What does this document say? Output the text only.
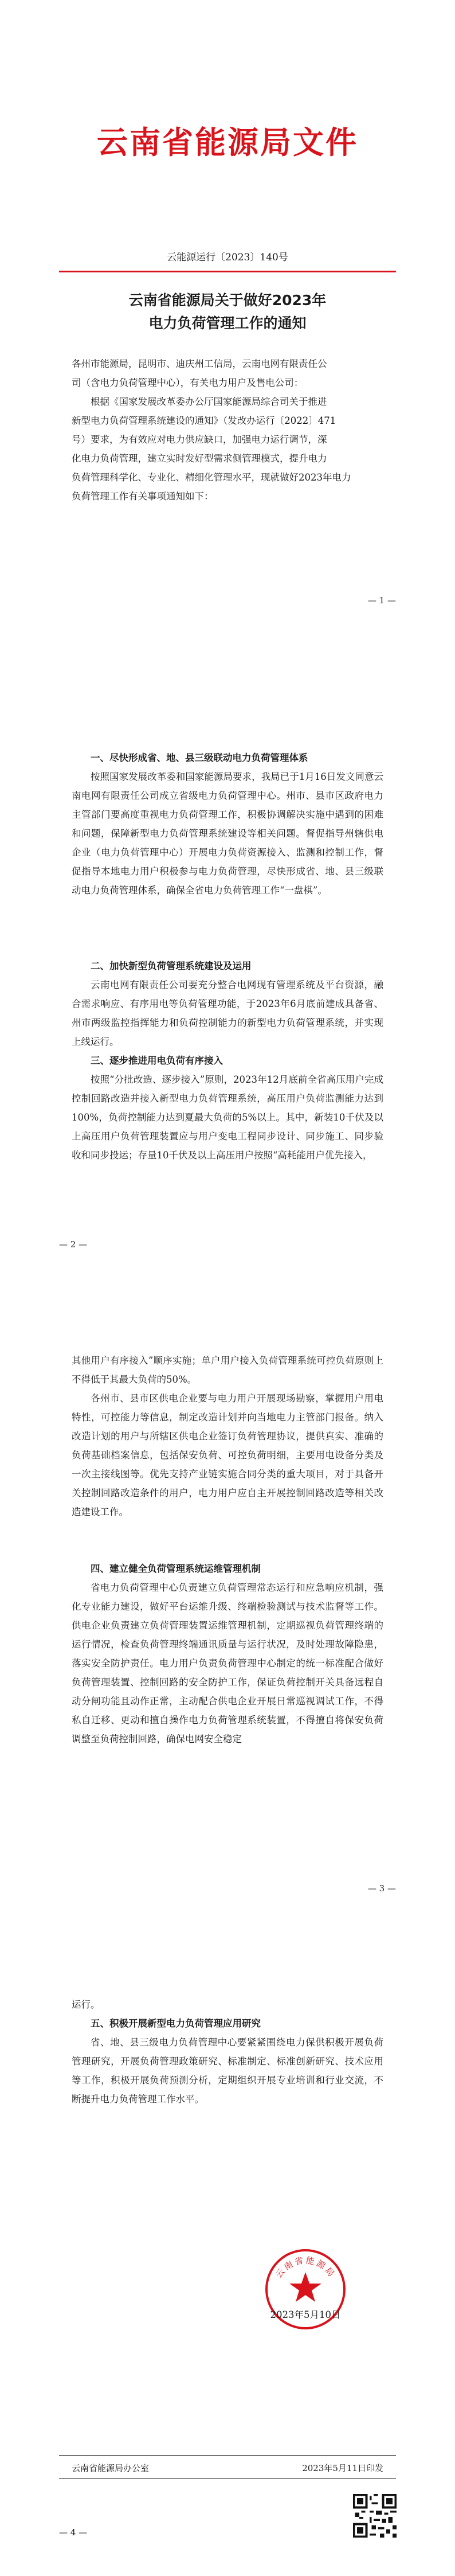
云南省能源局文件
云能源运行〔2023〕140号
云南省能源局关于做好2023年
电力负荷管理工作的通知

各州市能源局，昆明市、迪庆州工信局，云南电网有限责任公

司（含电力负荷管理中心），有关电力用户及售电公司：

根据《国家发展改革委办公厅国家能源局综合司关于推进

新型电力负荷管理系统建设的通知》（发改办运行〔2022〕471

号）要求，为有效应对电力供应缺口，加强电力运行调节，深

化电力负荷管理，建立实时发好型需求侧管理模式，提升电力

负荷管理科学化、专业化、精细化管理水平，现就做好2023年电力

负荷管理工作有关事项通知如下：

— 1 —

一、尽快形成省、地、县三级联动电力负荷管理体系

按照国家发展改革委和国家能源局要求，我局已于1月16日发文同意云南电网有限责任公司成立省级电力负荷管理中心。州市、县市区政府电力主管部门要高度重视电力负荷管理工作，积极协调解决实施中遇到的困难和问题，保障新型电力负荷管理系统建设等相关问题。督促指导州辖供电企业（电力负荷管理中心）开展电力负荷资源接入、监测和控制工作，督促指导本地电力用户积极参与电力负荷管理，尽快形成省、地、县三级联动电力负荷管理体系，确保全省电力负荷管理工作“一盘棋”。

二、加快新型负荷管理系统建设及运用

云南电网有限责任公司要充分整合电网现有管理系统及平台资源，融合需求响应、有序用电等负荷管理功能，于2023年6月底前建成具备省、州市两级监控指挥能力和负荷控制能力的新型电力负荷管理系统，并实现上线运行。

三、逐步推进用电负荷有序接入

按照“分批改造、逐步接入”原则，2023年12月底前全省高压用户完成控制回路改造并接入新型电力负荷管理系统，高压用户负荷监测能力达到100%，负荷控制能力达到夏最大负荷的5%以上。其中，新装10千伏及以上高压用户负荷管理装置应与用户变电工程同步设计、同步施工、同步验收和同步投运；存量10千伏及以上高压用户按照“高耗能用户优先接入，

— 2 —

其他用户有序接入”顺序实施；单户用户接入负荷管理系统可控负荷原则上不得低于其最大负荷的50%。

各州市、县市区供电企业要与电力用户开展现场勘察，掌握用户用电特性，可控能力等信息，制定改造计划并向当地电力主管部门报备。纳入改造计划的用户与所辖区供电企业签订负荷管理协议，提供真实、准确的负荷基础档案信息，包括保安负荷、可控负荷明细，主要用电设备分类及一次主接线图等。优先支持产业链实施合同分类的重大项目，对于具备开关控制回路改造条件的用户，电力用户应自主开展控制回路改造等相关改造建设工作。

四、建立健全负荷管理系统运维管理机制

省电力负荷管理中心负责建立负荷管理常态运行和应急响应机制，强化专业能力建设，做好平台运维升级、终端检验测试与技术监督等工作。供电企业负责建立负荷管理装置运维管理机制，定期巡视负荷管理终端的运行情况，检查负荷管理终端通讯质量与运行状况，及时处理故障隐患，落实安全防护责任。电力用户负责负荷管理中心制定的统一标准配合做好负荷管理装置、控制回路的安全防护工作，保证负荷控制开关具备远程自动分闸功能且动作正常，主动配合供电企业开展日常巡视调试工作，不得私自迁移、更动和擅自操作电力负荷管理系统装置，不得擅自将保安负荷调整至负荷控制回路，确保电网安全稳定

— 3 —

运行。

五、积极开展新型电力负荷管理应用研究

省、地、县三级电力负荷管理中心要紧紧围绕电力保供积极开展负荷管理研究，开展负荷管理政策研究、标准制定、标准创新研究、技术应用等工作，积极开展负荷预测分析，定期组织开展专业培训和行业交流，不断提升电力负荷管理工作水平。

云南省能源局
2023年5月10日
云南省能源局办公室	2023年5月11日印发
— 4 —
